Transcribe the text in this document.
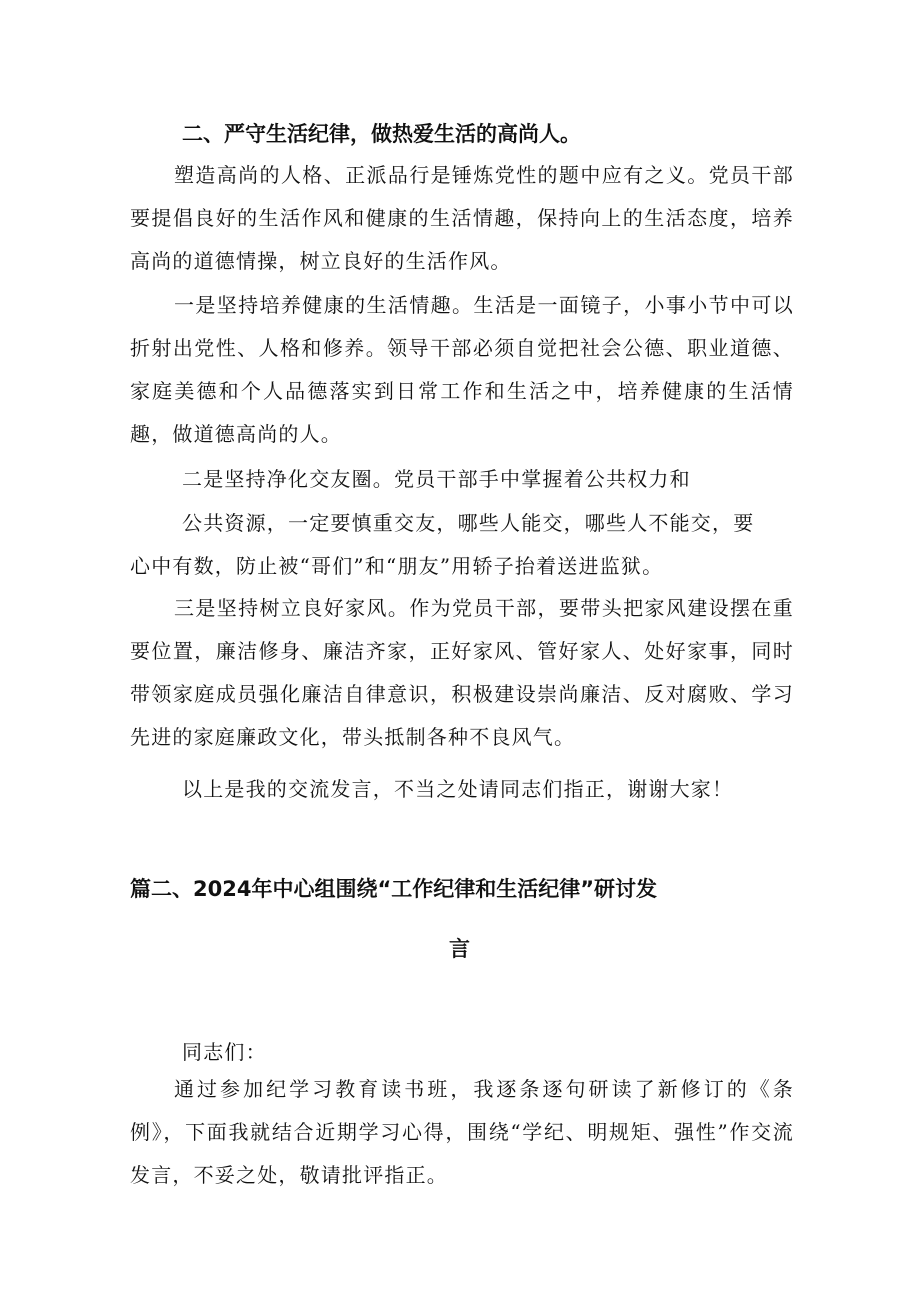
二、严守生活纪律，做热爱生活的高尚人。

塑造高尚的人格、正派品行是锤炼党性的题中应有之义。党员干部要提倡良好的生活作风和健康的生活情趣，保持向上的生活态度，培养高尚的道德情操，树立良好的生活作风。

一是坚持培养健康的生活情趣。生活是一面镜子，小事小节中可以折射出党性、人格和修养。领导干部必须自觉把社会公德、职业道德、家庭美德和个人品德落实到日常工作和生活之中，培养健康的生活情趣，做道德高尚的人。

二是坚持净化交友圈。党员干部手中掌握着公共权力和

公共资源，一定要慎重交友，哪些人能交，哪些人不能交，要

心中有数，防止被“哥们”和“朋友”用轿子抬着送进监狱。

三是坚持树立良好家风。作为党员干部，要带头把家风建设摆在重要位置，廉洁修身、廉洁齐家，正好家风、管好家人、处好家事，同时带领家庭成员强化廉洁自律意识，积极建设崇尚廉洁、反对腐败、学习先进的家庭廉政文化，带头抵制各种不良风气。

以上是我的交流发言，不当之处请同志们指正，谢谢大家！

篇二、2024年中心组围绕“工作纪律和生活纪律”研讨发
言

同志们：

通过参加纪学习教育读书班，我逐条逐句研读了新修订的《条例》，下面我就结合近期学习心得，围绕“学纪、明规矩、强性”作交流发言，不妥之处，敬请批评指正。
